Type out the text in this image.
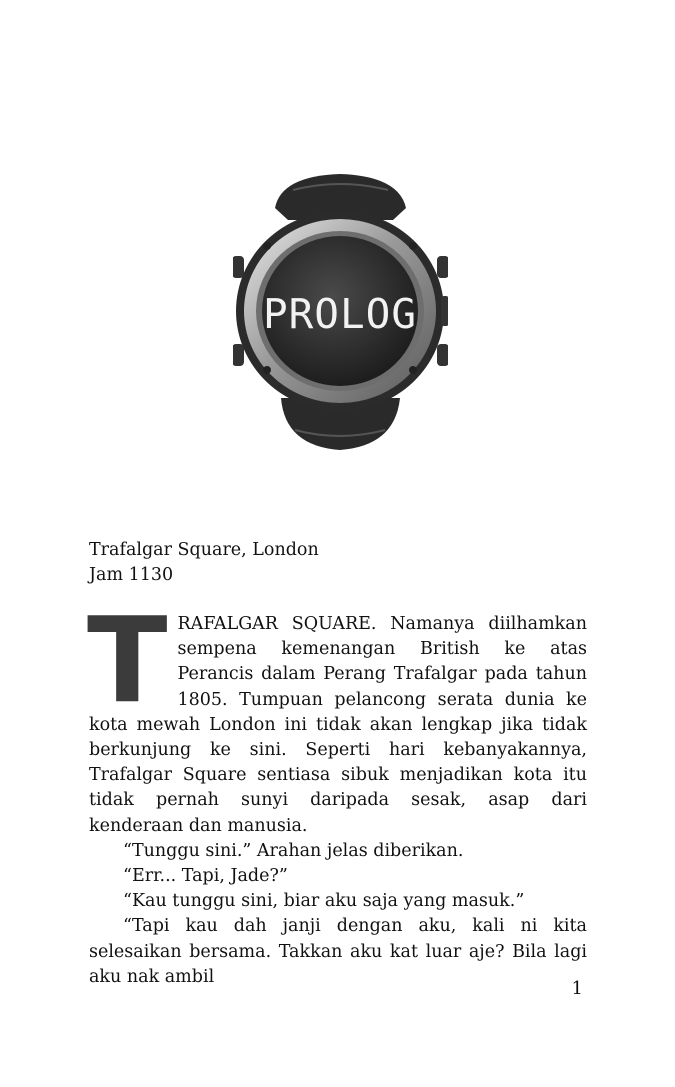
PROLOG
Trafalgar Square, London
Jam 1130

TRAFALGAR SQUARE. Namanya diilhamkan sempena kemenangan British ke atas Perancis dalam Perang Trafalgar pada tahun 1805. Tumpuan pelancong serata dunia ke kota mewah London ini tidak akan lengkap jika tidak berkunjung ke sini. Seperti hari kebanyakannya, Trafalgar Square sentiasa sibuk menjadikan kota itu tidak pernah sunyi daripada sesak, asap dari kenderaan dan manusia.

“Tunggu sini.” Arahan jelas diberikan.

“Err... Tapi, Jade?”

“Kau tunggu sini, biar aku saja yang masuk.”

“Tapi kau dah janji dengan aku, kali ni kita selesaikan bersama. Takkan aku kat luar aje? Bila lagi aku nak ambil

1
